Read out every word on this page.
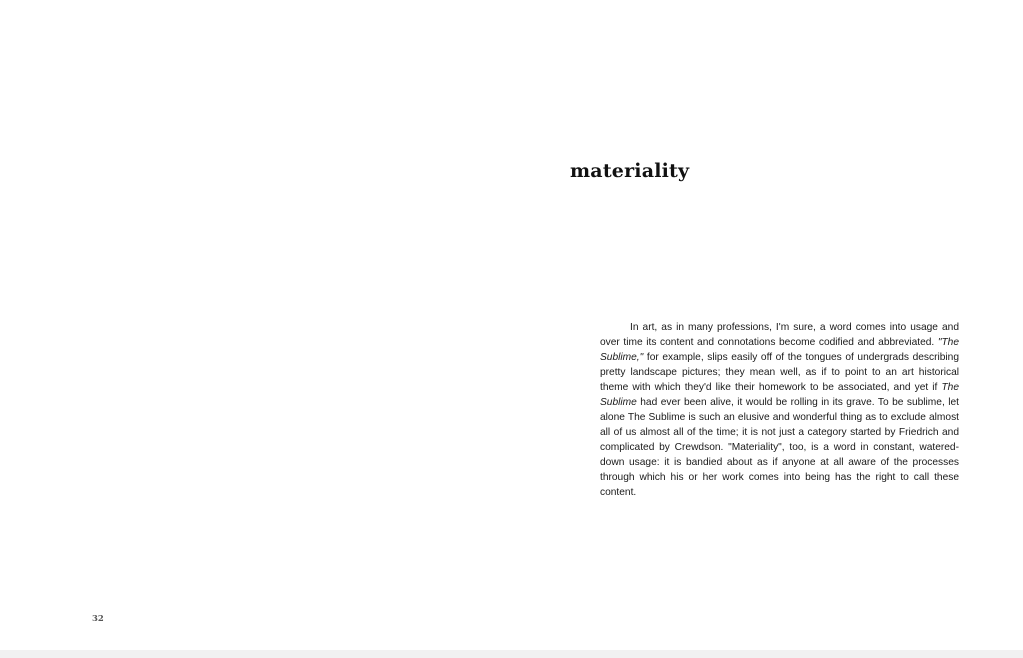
materiality

In art, as in many professions, I'm sure, a word comes into usage and over time its content and connotations become codified and abbreviated. "The Sublime," for example, slips easily off of the tongues of undergrads describing pretty landscape pictures; they mean well, as if to point to an art historical theme with which they'd like their homework to be associated, and yet if The Sublime had ever been alive, it would be rolling in its grave. To be sublime, let alone The Sublime is such an elusive and wonderful thing as to exclude almost all of us almost all of the time; it is not just a category started by Friedrich and complicated by Crewdson. "Materiality", too, is a word in constant, watered-down usage: it is bandied about as if anyone at all aware of the processes through which his or her work comes into being has the right to call these content.

32
